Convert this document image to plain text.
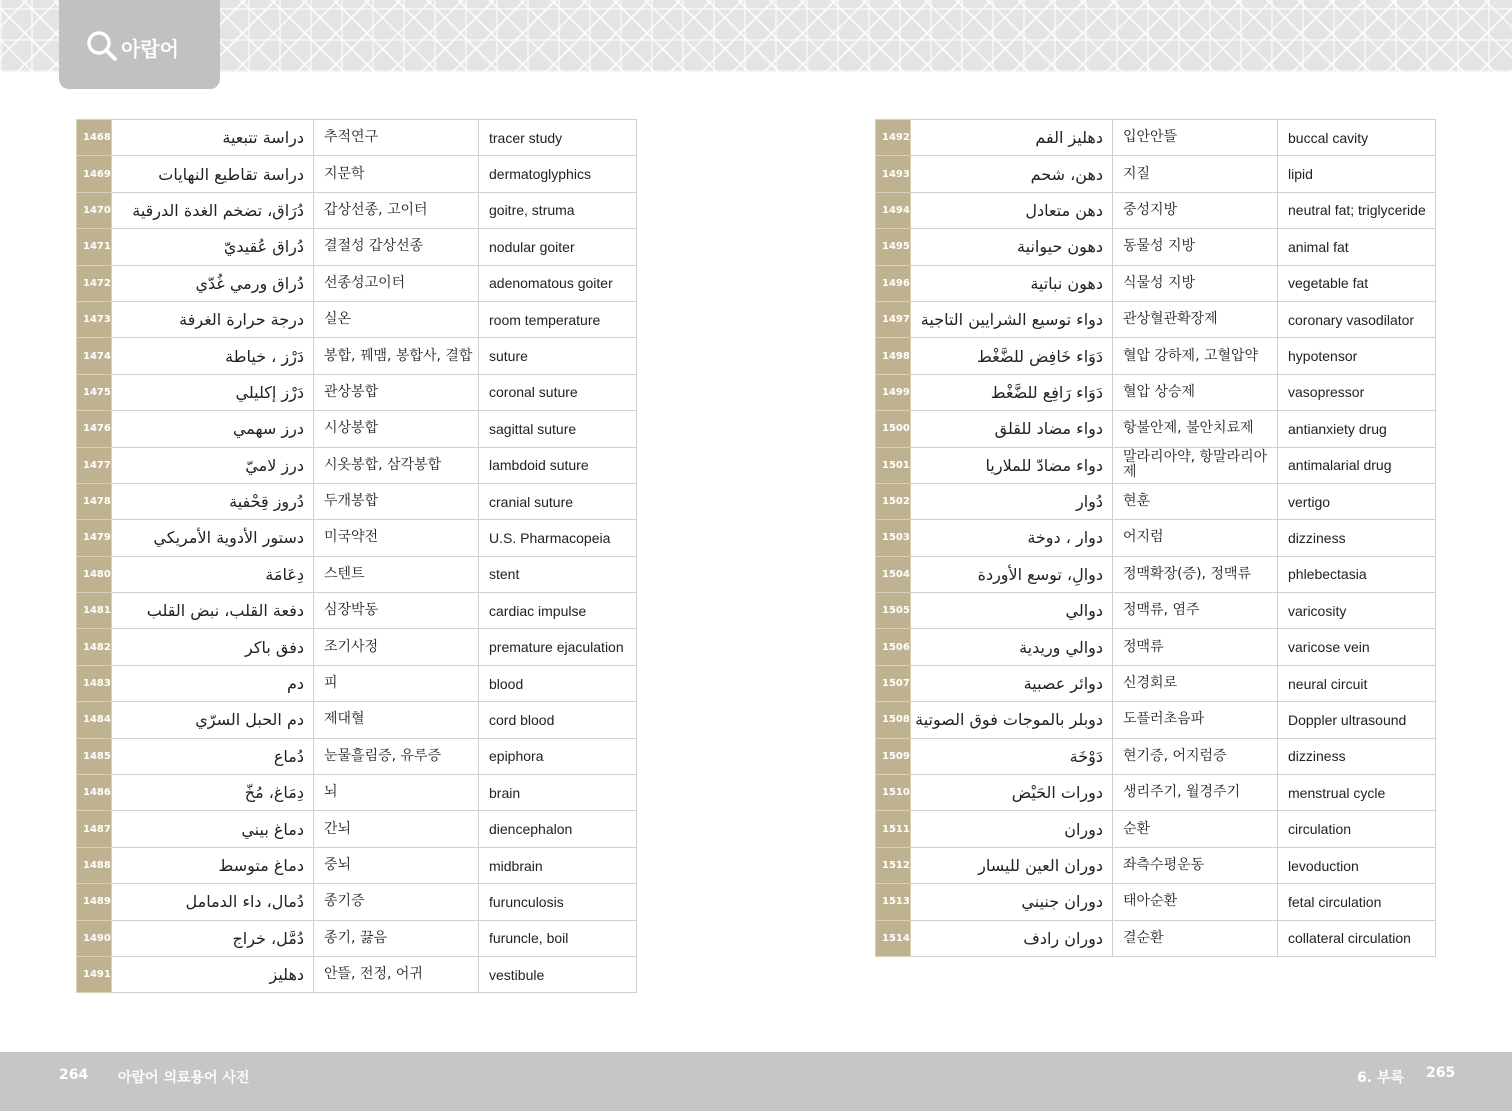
아랍어
1468	دراسة تتبعية	추적연구	tracer study
1469	دراسة تقاطيع النهايات	지문학	dermatoglyphics
1470	دُرَاق، تضخم الغدة الدرقية	갑상선종, 고이터	goitre, struma
1471	دُراق عُقيديّ	결절성 갑상선종	nodular goiter
1472	دُراق ورمي غُدّي	선종성고이터	adenomatous goiter
1473	درجة حرارة الغرفة	실온	room temperature
1474	دَرْز ، خياطة	봉합, 꿰맴, 봉합사, 결합	suture
1475	دَرْز إكليلي	관상봉합	coronal suture
1476	درز سهمي	시상봉합	sagittal suture
1477	درز لاميّ	시옷봉합, 삼각봉합	lambdoid suture
1478	دُروز قِحْفية	두개봉합	cranial suture
1479	دستور الأدوية الأمريكي	미국약전	U.S. Pharmacopeia
1480	دِعَامَة	스텐트	stent
1481	دفعة القلب، نبض القلب	심장박동	cardiac impulse
1482	دفق باكر	조기사정	premature ejaculation
1483	دم	피	blood
1484	دم الحبل السرّي	제대혈	cord blood
1485	دُماع	눈물흘림증, 유루증	epiphora
1486	دِمَاغ، مُخّ	뇌	brain
1487	دماغ بيني	간뇌	diencephalon
1488	دماغ متوسط	중뇌	midbrain
1489	دُمال، داء الدمامل	종기증	furunculosis
1490	دُمَّل، خراج	종기, 끓음	furuncle, boil
1491	دهليز	안뜰, 전정, 어귀	vestibule
1492	دهليز الفم	입안안뜰	buccal cavity
1493	دهن، شحم	지질	lipid
1494	دهن متعادل	중성지방	neutral fat; triglyceride
1495	دهون حيوانية	동물성 지방	animal fat
1496	دهون نباتية	식물성 지방	vegetable fat
1497	دواء توسيع الشرايين التاجية	관상혈관확장제	coronary vasodilator
1498	دَوَاء خَافِض للضَّغْط	혈압 강하제, 고혈압약	hypotensor
1499	دَوَاء رَافِع للضَّغْط	혈압 상승제	vasopressor
1500	دواء مضاد للقلق	항불안제, 불안치료제	antianxiety drug
1501	دواء مضادّ للملاريا	말라리아약, 항말라리아제	antimalarial drug
1502	دُوار	현훈	vertigo
1503	دوار ، دوخة	어지럼	dizziness
1504	دوالِ، توسع الأوردة	정맥확장(증), 정맥류	phlebectasia
1505	دوالي	정맥류, 염주	varicosity
1506	دوالي وريدية	정맥류	varicose vein
1507	دوائر عصبية	신경회로	neural circuit
1508	دوبلر بالموجات فوق الصوتية	도플러초음파	Doppler ultrasound
1509	دَوْخَة	현기증, 어지럼증	dizziness
1510	دورات الحَيْض	생리주기, 월경주기	menstrual cycle
1511	دوران	순환	circulation
1512	دوران العين لليسار	좌측수평운동	levoduction
1513	دوران جنيني	태아순환	fetal circulation
1514	دوران رادف	결순환	collateral circulation
264 아랍어 의료용어 사전	6. 부록 265
